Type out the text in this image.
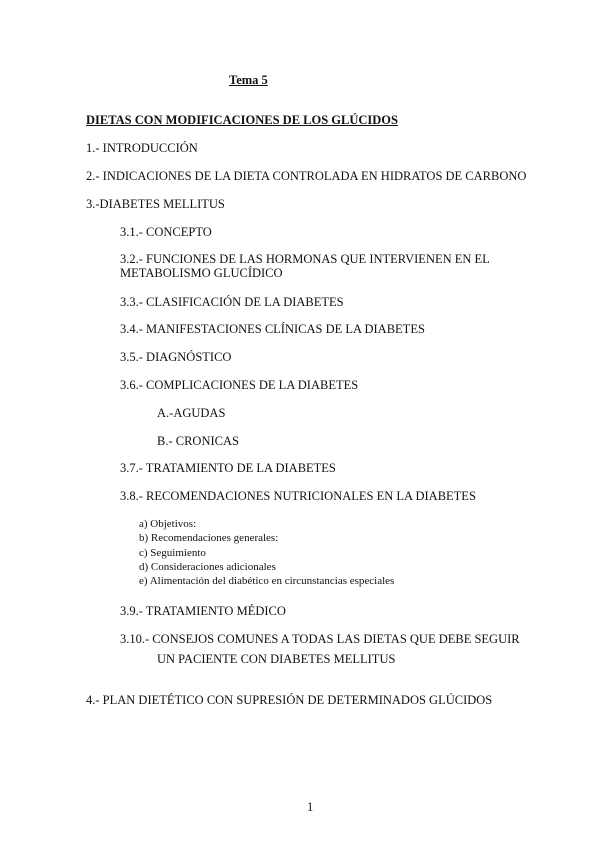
Tema 5
DIETAS CON MODIFICACIONES DE LOS GLÚCIDOS
1.- INTRODUCCIÓN
2.- INDICACIONES DE LA DIETA CONTROLADA EN HIDRATOS DE CARBONO
3.-DIABETES MELLITUS
3.1.- CONCEPTO
3.2.- FUNCIONES DE LAS HORMONAS QUE INTERVIENEN EN EL
METABOLISMO GLUCÍDICO
3.3.- CLASIFICACIÓN DE LA DIABETES
3.4.- MANIFESTACIONES CLÍNICAS DE LA DIABETES
3.5.- DIAGNÓSTICO
3.6.- COMPLICACIONES DE LA DIABETES
A.-AGUDAS
B.- CRONICAS
3.7.- TRATAMIENTO DE LA DIABETES
3.8.- RECOMENDACIONES NUTRICIONALES EN LA DIABETES
a) Objetivos:
b) Recomendaciones generales:
c) Seguimiento
d) Consideraciones adicionales
e) Alimentación del diabético en circunstancias especiales
3.9.- TRATAMIENTO MÉDICO
3.10.- CONSEJOS COMUNES A TODAS LAS DIETAS QUE DEBE SEGUIR
UN PACIENTE CON DIABETES MELLITUS
4.- PLAN DIETÉTICO CON SUPRESIÓN DE DETERMINADOS GLÚCIDOS
1
